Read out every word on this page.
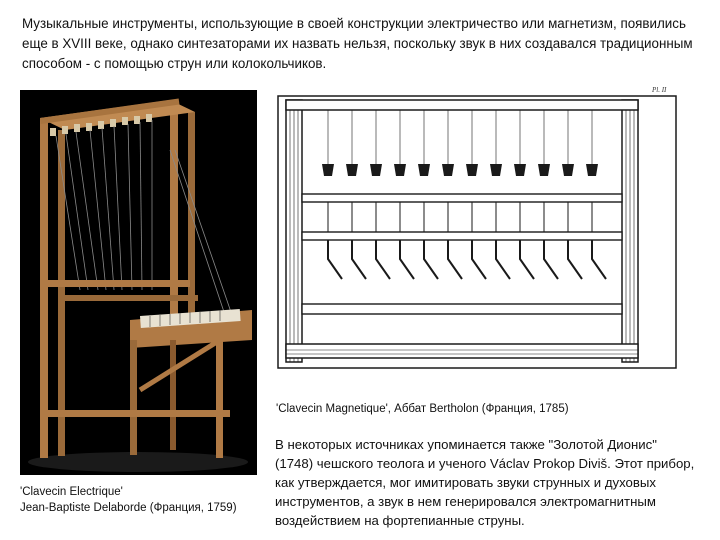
Музыкальные инструменты, использующие в своей конструкции электричество или магнетизм, появились еще в XVIII веке, однако синтезаторами их назвать нельзя, поскольку звук в них создавался традиционным способом - с помощью струн или колокольчиков.
Pl. II
'Clavecin Magnetique', Аббат Bertholon (Франция, 1785)
В некоторых источниках упоминается также "Золотой Дионис" (1748) чешского теолога и ученого Václav Prokop Diviš. Этот прибор, как утверждается, мог имитировать звуки струнных и духовых инструментов, а звук в нем генерировался электромагнитным воздействием на фортепианные струны.
'Clavecin Electrique'
Jean-Baptiste Delaborde (Франция, 1759)
